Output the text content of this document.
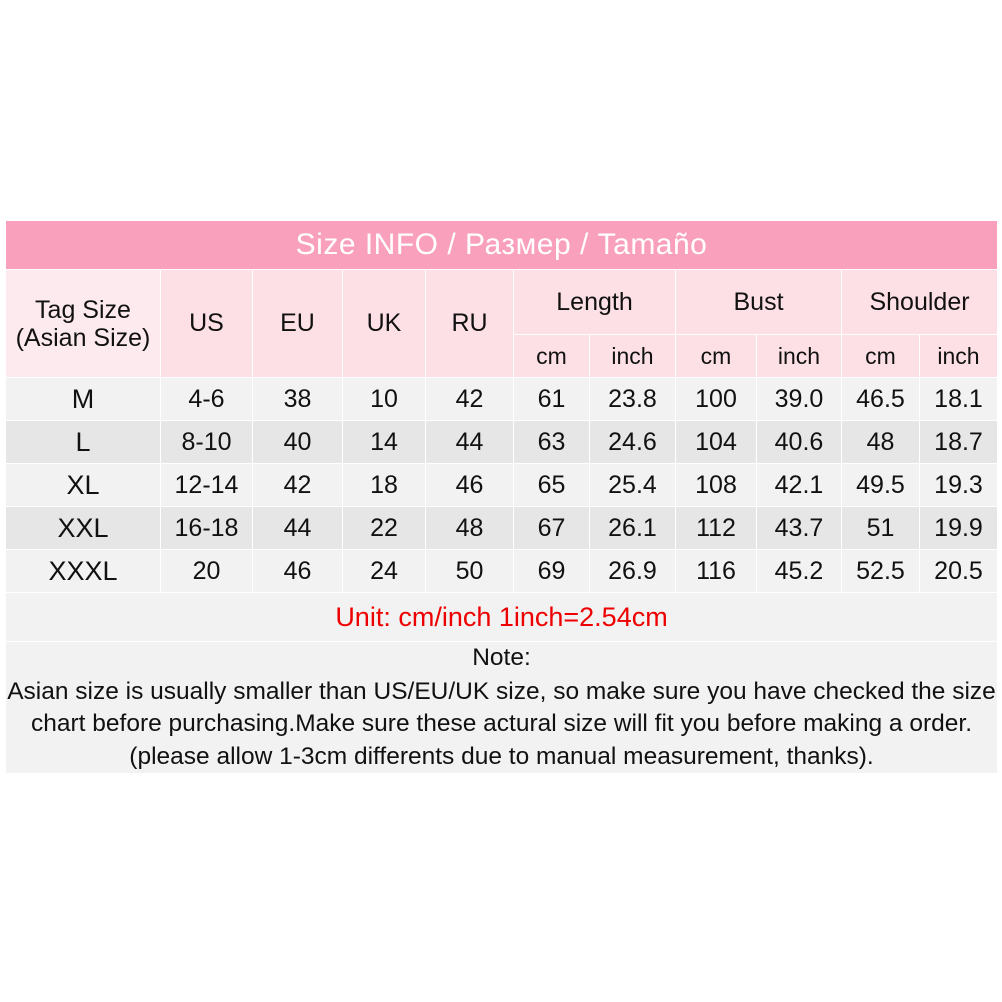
Size INFO / Размер / Tamaño										
Tag Size (Asian Size)	US	EU	UK	RU	Length		Bust		Shoulder	
					cm	inch	cm	inch	cm	inch
M	4-6	38	10	42	61	23.8	100	39.0	46.5	18.1
L	8-10	40	14	44	63	24.6	104	40.6	48	18.7
XL	12-14	42	18	46	65	25.4	108	42.1	49.5	19.3
XXL	16-18	44	22	48	67	26.1	112	43.7	51	19.9
XXXL	20	46	24	50	69	26.9	116	45.2	52.5	20.5
Unit: cm/inch 1inch=2.54cm										

Note:
Asian size is usually smaller than US/EU/UK size, so make sure you have checked the size chart before purchasing.Make sure these actural size will fit you before making a order.(please allow 1-3cm differents due to manual measurement, thanks).										
